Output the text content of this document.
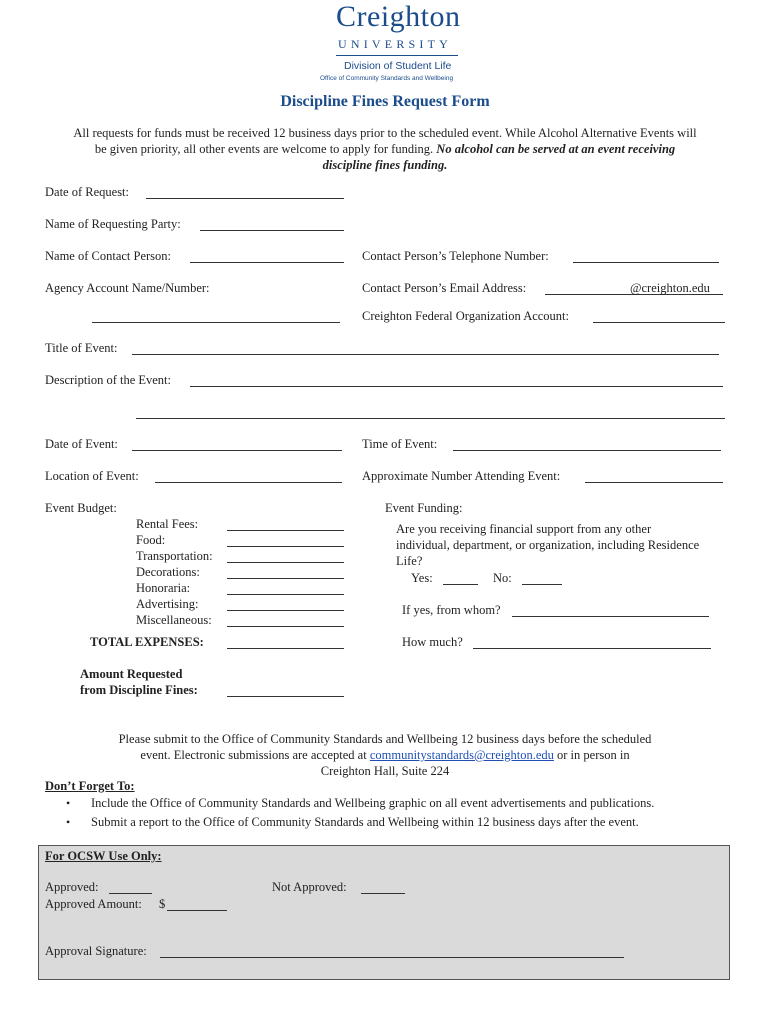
Creighton
UNIVERSITY
Division of Student Life
Office of Community Standards and Wellbeing
Discipline Fines Request Form
All requests for funds must be received 12 business days prior to the scheduled event. While Alcohol Alternative Events will
be given priority, all other events are welcome to apply for funding. No alcohol can be served at an event receiving
discipline fines funding.
Date of Request:
Name of Requesting Party:
Name of Contact Person:	Contact Person’s Telephone Number:
Agency Account Name/Number:	Contact Person’s Email Address:	@creighton.edu
Creighton Federal Organization Account:
Title of Event:
Description of the Event:
Date of Event:	Time of Event:
Location of Event:	Approximate Number Attending Event:
Event Budget:
Rental Fees:
Food:
Transportation:
Decorations:
Honoraria:
Advertising:
Miscellaneous:
TOTAL EXPENSES:
Amount Requested
from Discipline Fines:
Event Funding:
Are you receiving financial support from any other
individual, department, or organization, including Residence
Life?
Yes:	No:
If yes, from whom?
How much?
Please submit to the Office of Community Standards and Wellbeing 12 business days before the scheduled
event. Electronic submissions are accepted at communitystandards@creighton.edu or in person in
Creighton Hall, Suite 224
Don’t Forget To:
• Include the Office of Community Standards and Wellbeing graphic on all event advertisements and publications.
• Submit a report to the Office of Community Standards and Wellbeing within 12 business days after the event.
For OCSW Use Only:
Approved:	Not Approved:
Approved Amount: $
Approval Signature:
